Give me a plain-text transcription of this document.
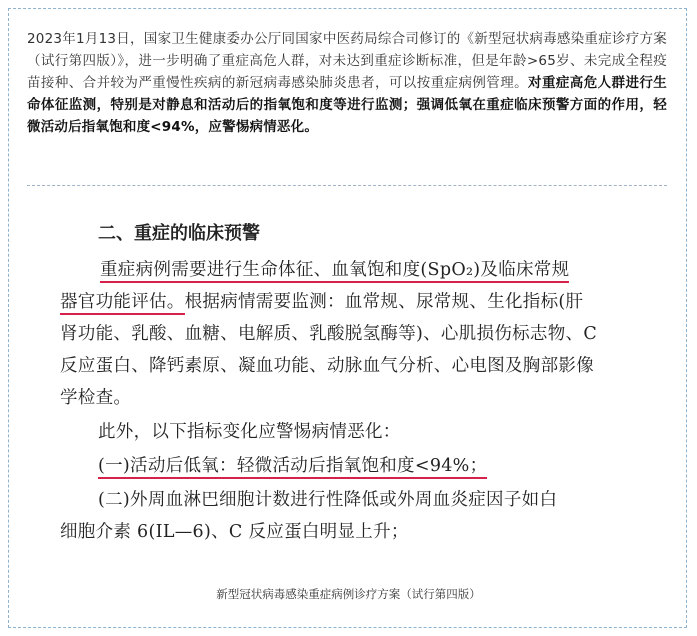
2023年1月13日，国家卫生健康委办公厅同国家中医药局综合司修订的《新型冠状病毒感染重症诊疗方案（试行第四版）》，进一步明确了重症高危人群，对未达到重症诊断标准，但是年龄>65岁、未完成全程疫苗接种、合并较为严重慢性疾病的新冠病毒感染肺炎患者，可以按重症病例管理。对重症高危人群进行生命体征监测，特别是对静息和活动后的指氧饱和度等进行监测；强调低氧在重症临床预警方面的作用，轻微活动后指氧饱和度<94%，应警惕病情恶化。
二、重症的临床预警
重症病例需要进行生命体征、血氧饱和度(SpO₂)及临床常规
器官功能评估。根据病情需要监测：血常规、尿常规、生化指标(肝
肾功能、乳酸、血糖、电解质、乳酸脱氢酶等)、心肌损伤标志物、C
反应蛋白、降钙素原、凝血功能、动脉血气分析、心电图及胸部影像
学检查。
此外，以下指标变化应警惕病情恶化：
(一)活动后低氧：轻微活动后指氧饱和度<94%；
(二)外周血淋巴细胞计数进行性降低或外周血炎症因子如白
细胞介素 6(IL—6)、C 反应蛋白明显上升；
新型冠状病毒感染重症病例诊疗方案（试行第四版）
